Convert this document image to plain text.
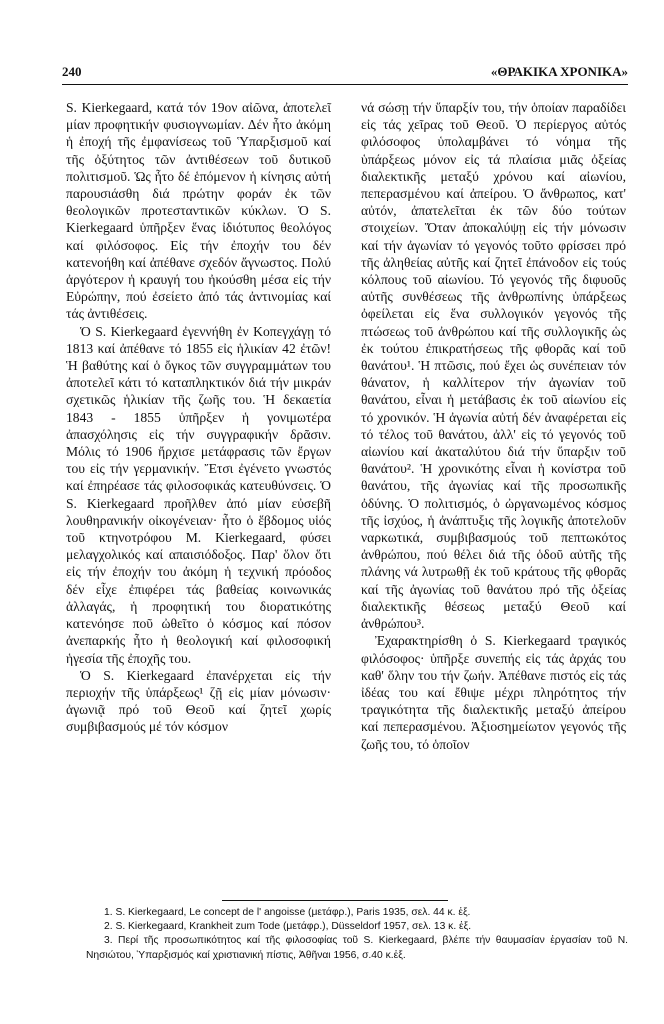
240	«ΘΡΑΚΙΚΑ ΧΡΟΝΙΚΑ»

S. Kierkegaard, κατά τόν 19ον αἰῶνα, ἀποτελεῖ μίαν προφητικήν φυσιογνωμίαν. Δέν ἦτο ἀκόμη ἡ ἐποχή τῆς ἐμφανίσεως τοῦ Ὑπαρξισμοῦ καί τῆς ὀξύτητος τῶν ἀντιθέσεων τοῦ δυτικοῦ πολιτισμοῦ. Ὡς ἦτο δέ ἑπόμενον ἡ κίνησις αὐτή παρουσιάσθη διά πρώτην φοράν ἐκ τῶν θεολογικῶν προτεσταντικῶν κύκλων. Ὁ S. Kierkegaard ὑπῆρξεν ἕνας ἰδιότυπος θεολόγος καί φιλόσοφος. Εἰς τήν ἐποχήν του δέν κατενοήθη καί ἀπέθανε σχεδόν ἄγνωστος. Πολύ ἀργότερον ἡ κραυγή του ἠκούσθη μέσα εἰς τήν Εὐρώπην, πού ἐσείετο ἀπό τάς ἀντινομίας καί τάς ἀντιθέσεις.

Ὁ S. Kierkegaard ἐγεννήθη ἐν Κοπεγχάγῃ τό 1813 καί ἀπέθανε τό 1855 εἰς ἡλικίαν 42 ἐτῶν! Ἡ βαθύτης καί ὁ ὄγκος τῶν συγγραμμάτων του ἀποτελεῖ κάτι τό καταπληκτικόν διά τήν μικράν σχετικῶς ἡλικίαν τῆς ζωῆς του. Ἡ δεκαετία 1843 - 1855 ὑπῆρξεν ἡ γονιμωτέρα ἀπασχόλησις εἰς τήν συγγραφικήν δρᾶσιν. Μόλις τό 1906 ἤρχισε μετάφρασις τῶν ἔργων του εἰς τήν γερμανικήν. Ἔτσι ἐγένετο γνωστός καί ἐπηρέασε τάς φιλοσοφικάς κατευθύνσεις. Ὁ S. Kierkegaard προῆλθεν ἀπό μίαν εὐσεβῆ λουθηρανικήν οἰκογένειαν· ἦτο ὁ ἕβδομος υἱός τοῦ κτηνοτρόφου M. Kierkegaard, φύσει μελαγχολικός καί απαισιόδοξος. Παρ' ὅλον ὅτι εἰς τήν ἐποχήν του ἀκόμη ἡ τεχνική πρόοδος δέν εἶχε ἐπιφέρει τάς βαθείας κοινωνικάς ἀλλαγάς, ἡ προφητική του διορατικότης κατενόησε ποῦ ὠθεῖτο ὁ κόσμος καί πόσον ἀνεπαρκής ἦτο ἡ θεολογική καί φιλοσοφική ἡγεσία τῆς ἐποχῆς του.

Ὁ S. Kierkegaard ἐπανέρχεται εἰς τήν περιοχήν τῆς ὑπάρξεως¹ ζῇ εἰς μίαν μόνωσιν· ἀγωνιᾷ πρό τοῦ Θεοῦ καί ζητεῖ χωρίς συμβιβασμούς μέ τόν κόσμον

νά σώσῃ τήν ὕπαρξίν του, τήν ὁποίαν παραδίδει εἰς τάς χεῖρας τοῦ Θεοῦ. Ὁ περίεργος αὐτός φιλόσοφος ὑπολαμβάνει τό νόημα τῆς ὑπάρξεως μόνον εἰς τά πλαίσια μιᾶς ὀξείας διαλεκτικῆς μεταξύ χρόνου καί αἰωνίου, πεπερασμένου καί ἀπείρου. Ὁ ἄνθρωπος, κατ' αὐτόν, ἀπατελεῖται ἐκ τῶν δύο τούτων στοιχείων. Ὅταν ἀποκαλύψῃ εἰς τήν μόνωσιν καί τήν ἀγωνίαν τό γεγονός τοῦτο φρίσσει πρό τῆς ἀληθείας αὐτῆς καί ζητεῖ ἐπάνοδον εἰς τούς κόλπους τοῦ αἰωνίου. Τό γεγονός τῆς διφυοῦς αὐτῆς συνθέσεως τῆς ἀνθρωπίνης ὑπάρξεως ὀφείλεται εἰς ἕνα συλλογικόν γεγονός τῆς πτώσεως τοῦ ἀνθρώπου καί τῆς συλλογικῆς ὡς ἐκ τούτου ἐπικρατήσεως τῆς φθορᾶς καί τοῦ θανάτου¹. Ἡ πτῶσις, πού ἔχει ὡς συνέπειαν τόν θάνατον, ἡ καλλίτερον τήν ἀγωνίαν τοῦ θανάτου, εἶναι ἡ μετάβασις ἐκ τοῦ αἰωνίου εἰς τό χρονικόν. Ἡ ἀγωνία αὐτή δέν ἀναφέρεται εἰς τό τέλος τοῦ θανάτου, ἀλλ' εἰς τό γεγονός τοῦ αἰωνίου καί ἀκαταλύτου διά τήν ὕπαρξιν τοῦ θανάτου². Ἡ χρονικότης εἶναι ἡ κονίστρα τοῦ θανάτου, τῆς ἀγωνίας καί τῆς προσωπικῆς ὀδύνης. Ὁ πολιτισμός, ὁ ὠργανωμένος κόσμος τῆς ἰσχύος, ἡ ἀνάπτυξις τῆς λογικῆς ἀποτελοῦν ναρκωτικά, συμβιβασμούς τοῦ πεπτωκότος ἀνθρώπου, πού θέλει διά τῆς ὁδοῦ αὐτῆς τῆς πλάνης νά λυτρωθῇ ἐκ τοῦ κράτους τῆς φθορᾶς καί τῆς ἀγωνίας τοῦ θανάτου πρό τῆς ὀξείας διαλεκτικῆς θέσεως μεταξύ Θεοῦ καί ἀνθρώπου³.

Ἐχαρακτηρίσθη ὁ S. Kierkegaard τραγικός φιλόσοφος· ὑπῆρξε συνεπής εἰς τάς ἀρχάς του καθ' ὅλην του τήν ζωήν. Ἀπέθανε πιστός εἰς τάς ἰδέας του καί ἔθιψε μέχρι πληρότητος τήν τραγικότητα τῆς διαλεκτικῆς μεταξύ ἀπείρου καί πεπερασμένου. Ἀξιοσημείωτον γεγονός τῆς ζωῆς του, τό ὁποῖον

1. S. Kierkegaard, Le concept de l' angoisse (μετάφρ.), Paris 1935, σελ. 44 κ. ἑξ.

2. S. Kierkegaard, Krankheit zum Tode (μετάφρ.), Düsseldorf 1957, σελ. 13 κ. ἑξ.

3. Περί τῆς προσωπικότητος καί τῆς φιλοσοφίας τοῦ S. Kierkegaard, βλέπε τήν θαυμασίαν ἐργασίαν τοῦ Ν. Νησιώτου, Ὑπαρξισμός καί χριστιανική πίστις, Ἀθῆναι 1956, σ.40 κ.ἑξ.
